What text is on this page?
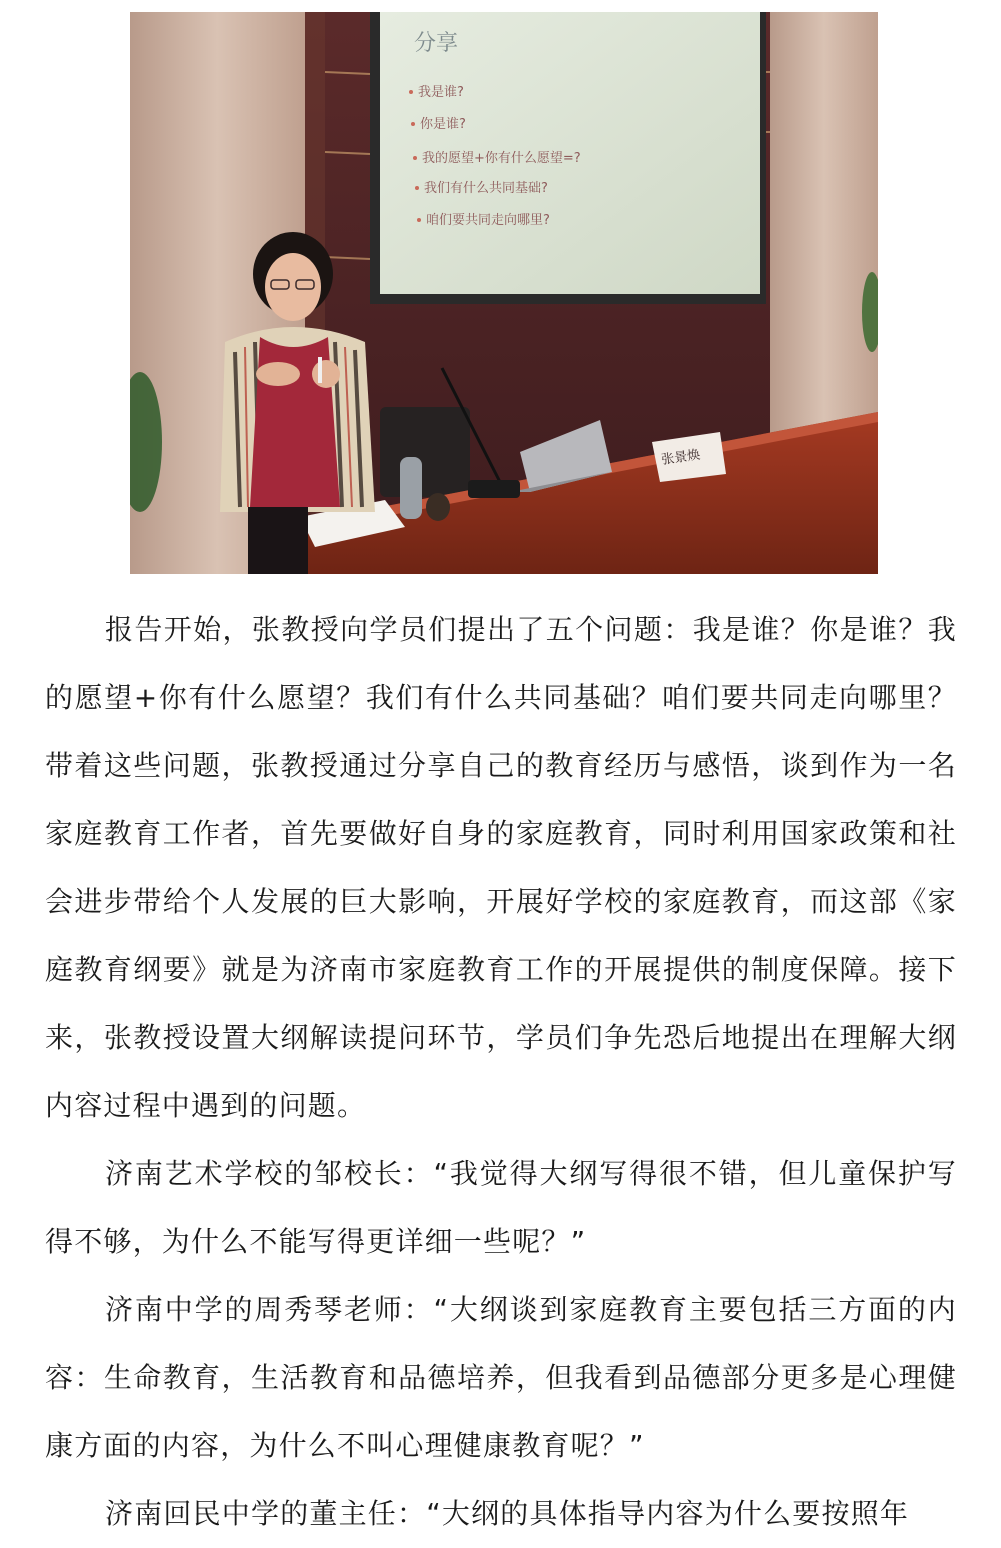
分享
我是谁?
你是谁?
我的愿望+你有什么愿望=?
我们有什么共同基础?
咱们要共同走向哪里?
张景焕

报告开始，张教授向学员们提出了五个问题：我是谁？你是谁？我的愿望+你有什么愿望？我们有什么共同基础？咱们要共同走向哪里？带着这些问题，张教授通过分享自己的教育经历与感悟，谈到作为一名家庭教育工作者，首先要做好自身的家庭教育，同时利用国家政策和社会进步带给个人发展的巨大影响，开展好学校的家庭教育，而这部《家庭教育纲要》就是为济南市家庭教育工作的开展提供的制度保障。接下来，张教授设置大纲解读提问环节，学员们争先恐后地提出在理解大纲内容过程中遇到的问题。

济南艺术学校的邹校长：“我觉得大纲写得很不错，但儿童保护写得不够，为什么不能写得更详细一些呢？”

济南中学的周秀琴老师：“大纲谈到家庭教育主要包括三方面的内容：生命教育，生活教育和品德培养，但我看到品德部分更多是心理健康方面的内容，为什么不叫心理健康教育呢？”

济南回民中学的董主任：“大纲的具体指导内容为什么要按照年
